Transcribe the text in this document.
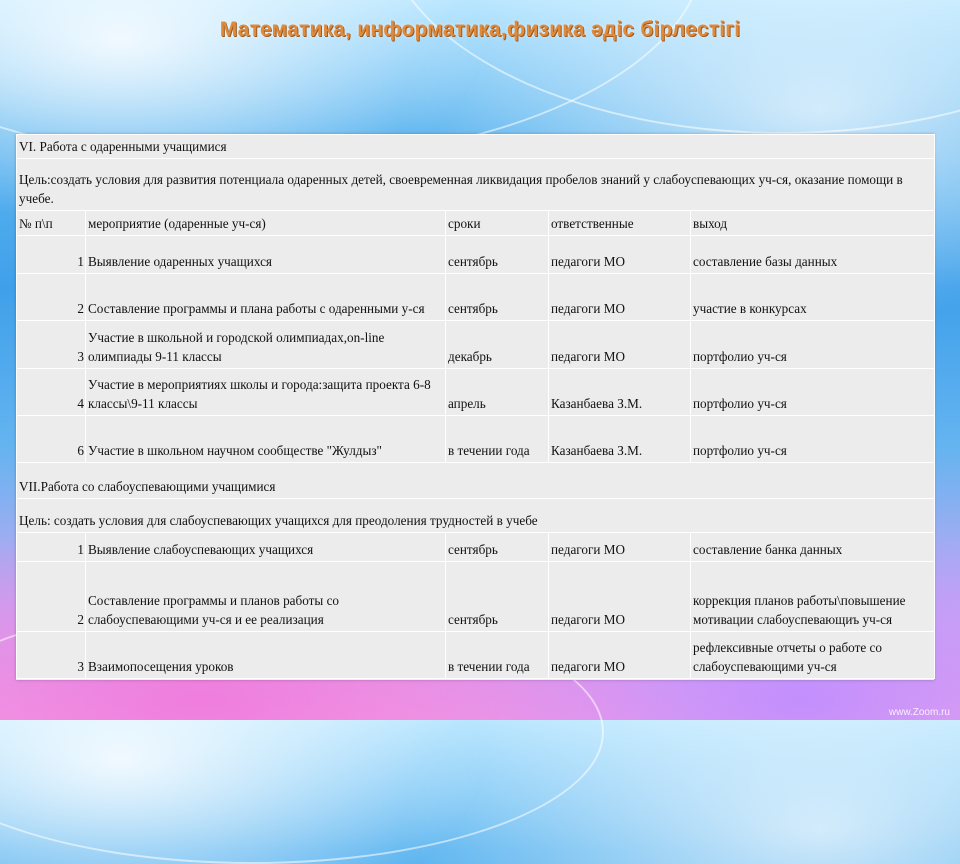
Математика, информатика,физика әдіс бірлестігі
VI. Работа с одаренными учащимися				
Цель:создать условия для развития потенциала одаренных детей, своевременная ликвидация пробелов знаний у слабоуспевающих уч-ся, оказание помощи в учебе.				
№ п\п	мероприятие (одаренные уч-ся)	сроки	ответственные	выход
1	Выявление одаренных учащихся	сентябрь	педагоги МО	составление базы данных
2	Составление программы и плана работы с одаренными у-ся	сентябрь	педагоги МО	участие в конкурсах
3	Участие в школьной и городской олимпиадах,on-line олимпиады 9-11 классы	декабрь	педагоги МО	портфолио уч-ся
4	Участие в мероприятиях школы и города:защита проекта 6-8 классы\9-11 классы	апрель	Казанбаева З.М.	портфолио уч-ся
6	Участие в школьном научном сообществе "Жулдыз"	в течении года	Казанбаева З.М.	портфолио уч-ся
VII.Работа со слабоуспевающими учащимися				
Цель: создать условия для слабоуспевающих учащихся для преодоления трудностей в учебе				
1	Выявление слабоуспевающих учащихся	сентябрь	педагоги МО	составление банка данных
2	Составление программы и планов работы со слабоуспевающими уч-ся и ее реализация	сентябрь	педагоги МО	коррекция планов работы\повышение мотивации слабоуспевающиъ уч-ся
3	Взаимопосещения уроков	в течении года	педагоги МО	рефлексивные отчеты о работе со слабоуспевающими уч-ся
www.Zoom.ru
